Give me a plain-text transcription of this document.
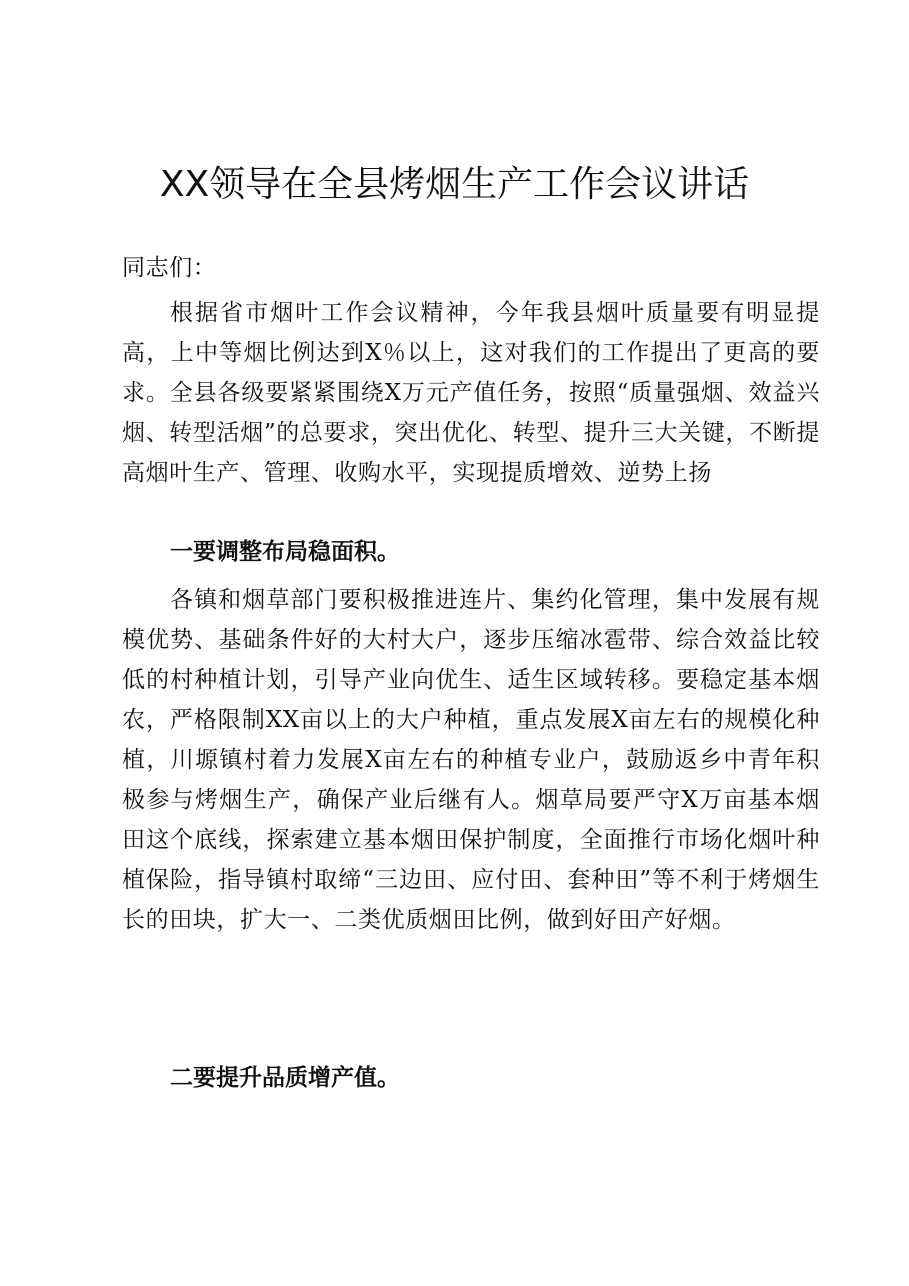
XX领导在全县烤烟生产工作会议讲话
同志们：
根据省市烟叶工作会议精神，今年我县烟叶质量要有明显提高，上中等烟比例达到X％以上，这对我们的工作提出了更高的要求。全县各级要紧紧围绕X万元产值任务，按照“质量强烟、效益兴烟、转型活烟”的总要求，突出优化、转型、提升三大关键，不断提高烟叶生产、管理、收购水平，实现提质增效、逆势上扬
一要调整布局稳面积。
各镇和烟草部门要积极推进连片、集约化管理，集中发展有规模优势、基础条件好的大村大户，逐步压缩冰雹带、综合效益比较低的村种植计划，引导产业向优生、适生区域转移。要稳定基本烟农，严格限制XX亩以上的大户种植，重点发展X亩左右的规模化种植，川塬镇村着力发展X亩左右的种植专业户，鼓励返乡中青年积极参与烤烟生产，确保产业后继有人。烟草局要严守X万亩基本烟田这个底线，探索建立基本烟田保护制度，全面推行市场化烟叶种植保险，指导镇村取缔“三边田、应付田、套种田”等不利于烤烟生长的田块，扩大一、二类优质烟田比例，做到好田产好烟。
二要提升品质增产值。
